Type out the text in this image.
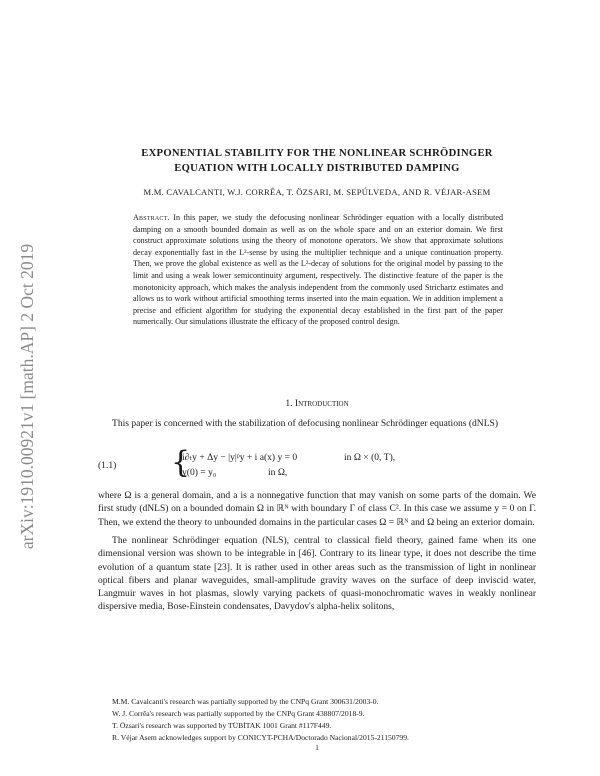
arXiv:1910.00921v1 [math.AP] 2 Oct 2019
EXPONENTIAL STABILITY FOR THE NONLINEAR SCHRÖDINGER
EQUATION WITH LOCALLY DISTRIBUTED DAMPING
M.M. CAVALCANTI, W.J. CORRÊA, T. ÖZSARI, M. SEPÚLVEDA, AND R. VÉJAR-ASEM
Abstract. In this paper, we study the defocusing nonlinear Schrödinger equation with a locally distributed damping on a smooth bounded domain as well as on the whole space and on an exterior domain. We first construct approximate solutions using the theory of monotone operators. We show that approximate solutions decay exponentially fast in the L²-sense by using the multiplier technique and a unique continuation property. Then, we prove the global existence as well as the L²-decay of solutions for the original model by passing to the limit and using a weak lower semicontinuity argument, respectively. The distinctive feature of the paper is the monotonicity approach, which makes the analysis independent from the commonly used Strichartz estimates and allows us to work without artificial smoothing terms inserted into the main equation. We in addition implement a precise and efficient algorithm for studying the exponential decay established in the first part of the paper numerically. Our simulations illustrate the efficacy of the proposed control design.
1. Introduction
This paper is concerned with the stabilization of defocusing nonlinear Schrödinger equations (dNLS)
(1.1) {
i∂ₜy + Δy − |y|ᵖy + i a(x) y = 0	in Ω × (0, T),
y(0) = y₀	in Ω,
where Ω is a general domain, and a is a nonnegative function that may vanish on some parts of the domain. We first study (dNLS) on a bounded domain Ω in ℝᴺ with boundary Γ of class C². In this case we assume y = 0 on Γ. Then, we extend the theory to unbounded domains in the particular cases Ω = ℝᴺ and Ω being an exterior domain.
The nonlinear Schrödinger equation (NLS), central to classical field theory, gained fame when its one dimensional version was shown to be integrable in [46]. Contrary to its linear type, it does not describe the time evolution of a quantum state [23]. It is rather used in other areas such as the transmission of light in nonlinear optical fibers and planar waveguides, small-amplitude gravity waves on the surface of deep inviscid water, Langmuir waves in hot plasmas, slowly varying packets of quasi-monochromatic waves in weakly nonlinear dispersive media, Bose-Einstein condensates, Davydov's alpha-helix solitons,
M.M. Cavalcanti's research was partially supported by the CNPq Grant 300631/2003-0.
W. J. Corrêa's research was partially supported by the CNPq Grant 438807/2018-9.
T. Özsari's research was supported by TÜBİTAK 1001 Grant #117F449.
R. Véjar Asem acknowledges support by CONICYT-PCHA/Doctorado Nacional/2015-21150799.
1
